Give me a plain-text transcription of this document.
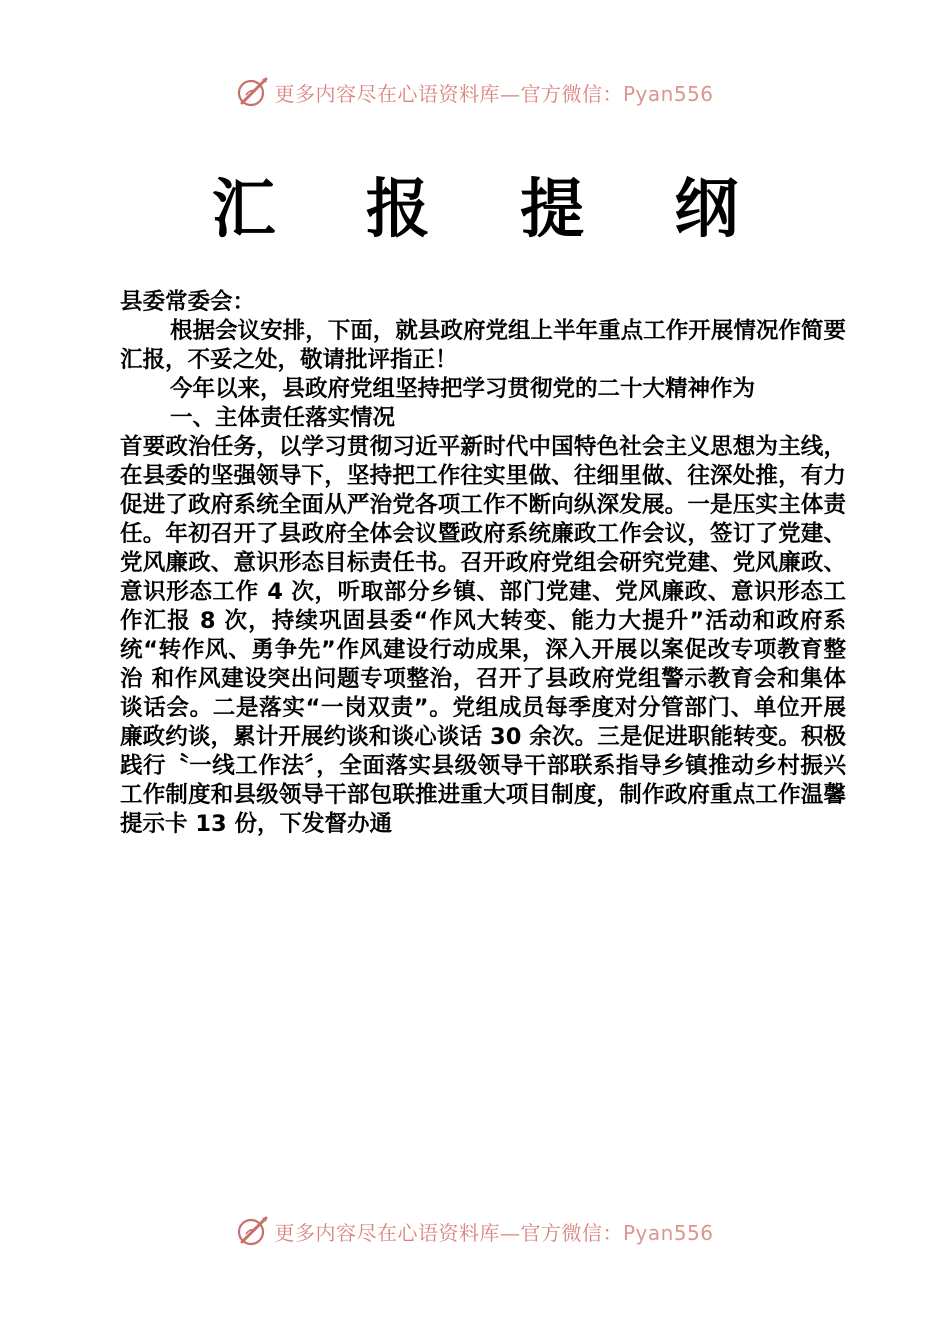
更多内容尽在心语资料库—官方微信：Pyan556
汇 报 提 纲

县委常委会：

根据会议安排，下面，就县政府党组上半年重点工作开展情况作简要汇报，不妥之处，敬请批评指正！

今年以来，县政府党组坚持把学习贯彻党的二十大精神作为

一、主体责任落实情况

首要政治任务，以学习贯彻习近平新时代中国特色社会主义思想为主线，在县委的坚强领导下，坚持把工作往实里做、往细里做、往深处推，有力促进了政府系统全面从严治党各项工作不断向纵深发展。一是压实主体责任。年初召开了县政府全体会议暨政府系统廉政工作会议，签订了党建、党风廉政、意识形态目标责任书。召开政府党组会研究党建、党风廉政、意识形态工作 4 次，听取部分乡镇、部门党建、党风廉政、意识形态工作汇报 8 次，持续巩固县委“作风大转变、能力大提升”活动和政府系统“转作风、勇争先”作风建设行动成果，深入开展以案促改专项教育整治 和作风建设突出问题专项整治，召开了县政府党组警示教育会和集体谈话会。二是落实“一岗双责”。党组成员每季度对分管部门、单位开展廉政约谈，累计开展约谈和谈心谈话 30 余次。三是促进职能转变。积极践行〝一线工作法〞，全面落实县级领导干部联系指导乡镇推动乡村振兴工作制度和县级领导干部包联推进重大项目制度，制作政府重点工作温馨提示卡 13 份，下发督办通

更多内容尽在心语资料库—官方微信：Pyan556
